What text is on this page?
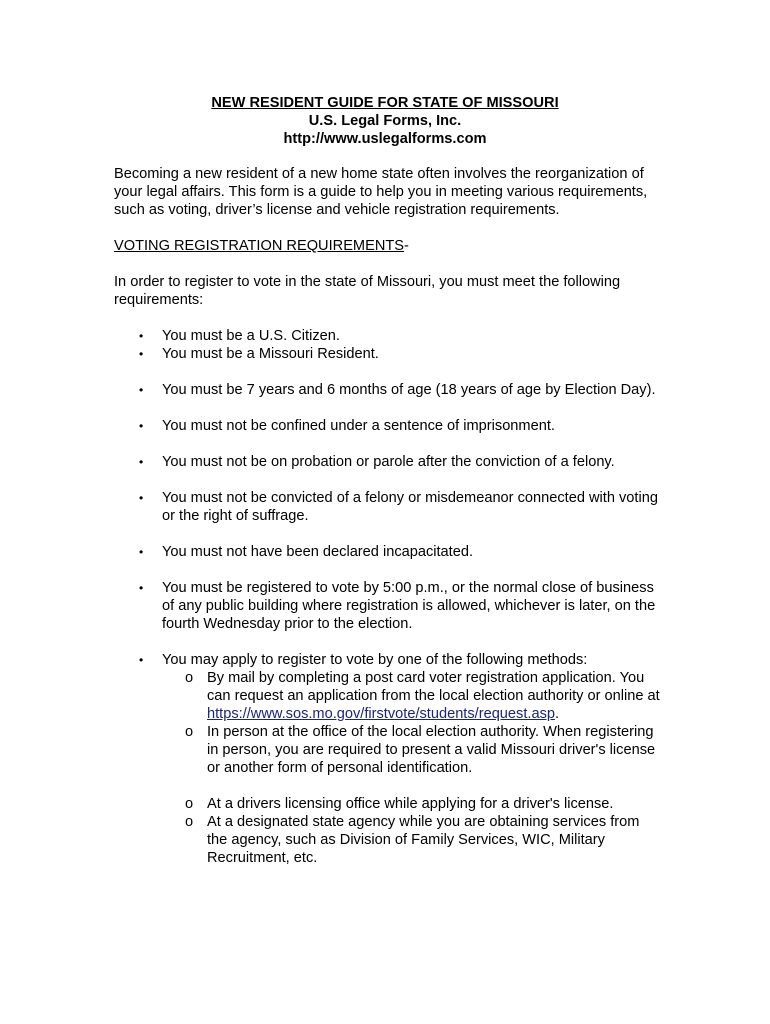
NEW RESIDENT GUIDE FOR STATE OF MISSOURI
U.S. Legal Forms, Inc.
http://www.uslegalforms.com

Becoming a new resident of a new home state often involves the reorganization of your legal affairs. This form is a guide to help you in meeting various requirements, such as voting, driver’s license and vehicle registration requirements.

VOTING REGISTRATION REQUIREMENTS-

In order to register to vote in the state of Missouri, you must meet the following requirements:

• You must be a U.S. Citizen.
• You must be a Missouri Resident.
• You must be 7 years and 6 months of age (18 years of age by Election Day).
• You must not be confined under a sentence of imprisonment.
• You must not be on probation or parole after the conviction of a felony.
• You must not be convicted of a felony or misdemeanor connected with voting or the right of suffrage.
• You must not have been declared incapacitated.
• You must be registered to vote by 5:00 p.m., or the normal close of business of any public building where registration is allowed, whichever is later, on the fourth Wednesday prior to the election.
• You may apply to register to vote by one of the following methods:
o By mail by completing a post card voter registration application. You can request an application from the local election authority or online at https://www.sos.mo.gov/firstvote/students/request.asp.
o In person at the office of the local election authority. When registering in person, you are required to present a valid Missouri driver's license or another form of personal identification.
o At a drivers licensing office while applying for a driver's license.
o At a designated state agency while you are obtaining services from the agency, such as Division of Family Services, WIC, Military Recruitment, etc.
